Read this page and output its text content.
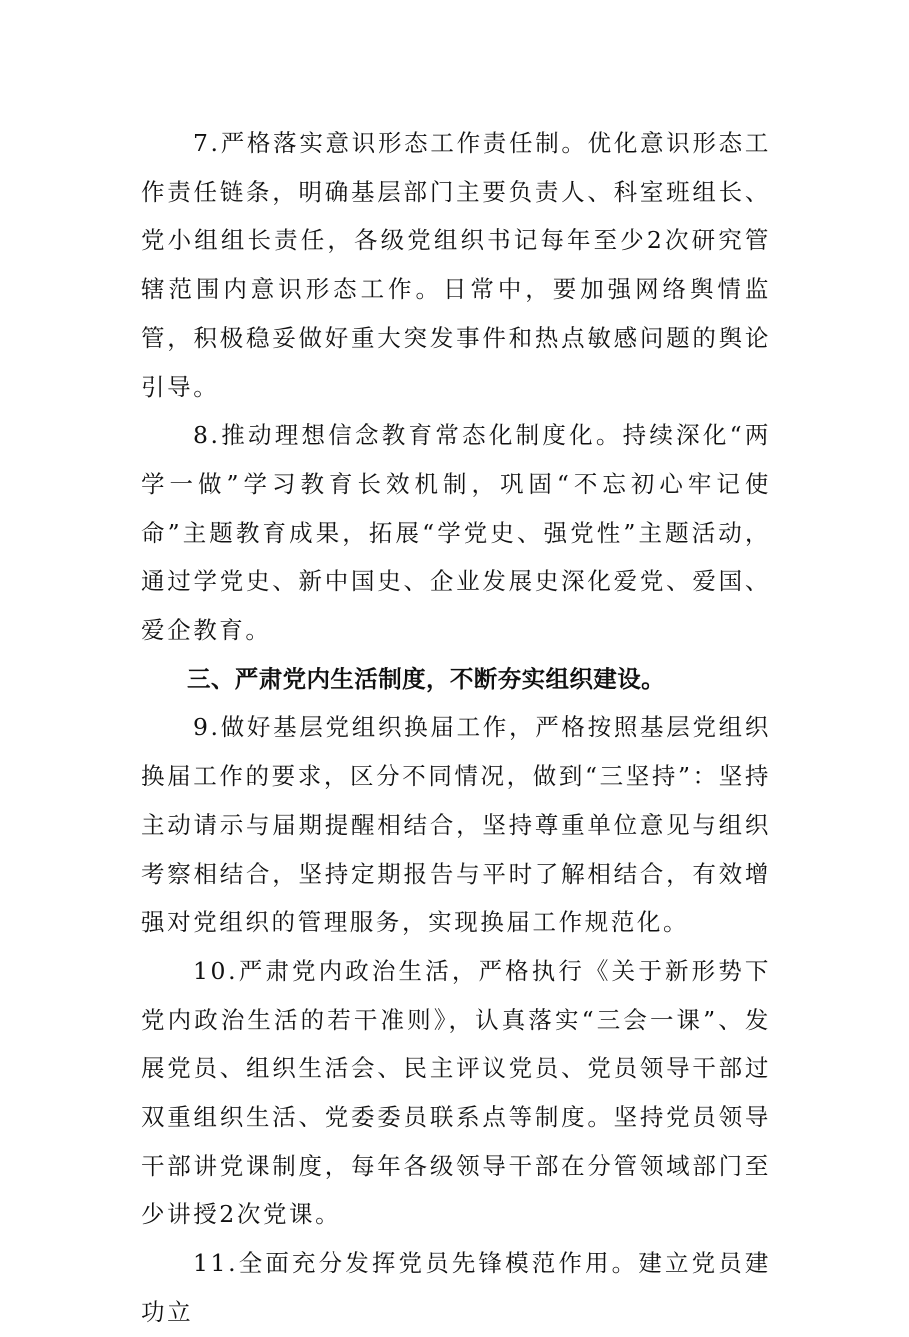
7.严格落实意识形态工作责任制。优化意识形态工作责任链条，明确基层部门主要负责人、科室班组长、党小组组长责任，各级党组织书记每年至少2次研究管辖范围内意识形态工作。日常中，要加强网络舆情监管，积极稳妥做好重大突发事件和热点敏感问题的舆论引导。

8.推动理想信念教育常态化制度化。持续深化“两学一做”学习教育长效机制，巩固“不忘初心牢记使命”主题教育成果，拓展“学党史、强党性”主题活动，通过学党史、新中国史、企业发展史深化爱党、爱国、爱企教育。

三、严肃党内生活制度，不断夯实组织建设。

9.做好基层党组织换届工作，严格按照基层党组织换届工作的要求，区分不同情况，做到“三坚持”：坚持主动请示与届期提醒相结合，坚持尊重单位意见与组织考察相结合，坚持定期报告与平时了解相结合，有效增强对党组织的管理服务，实现换届工作规范化。

10.严肃党内政治生活，严格执行《关于新形势下党内政治生活的若干准则》，认真落实“三会一课”、发展党员、组织生活会、民主评议党员、党员领导干部过双重组织生活、党委委员联系点等制度。坚持党员领导干部讲党课制度，每年各级领导干部在分管领域部门至少讲授2次党课。

11.全面充分发挥党员先锋模范作用。建立党员建功立
